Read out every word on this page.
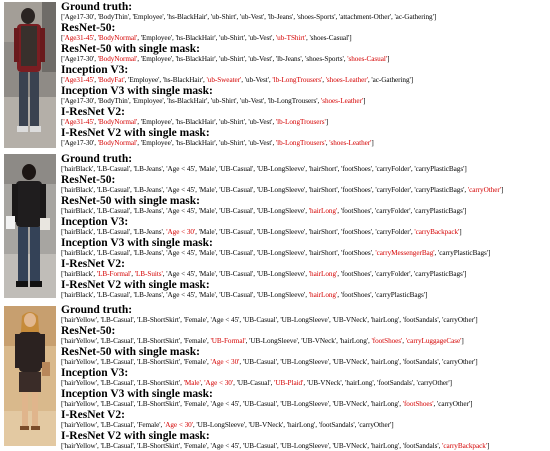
Ground truth:
['Age17-30', 'BodyThin', 'Employee', 'hs-BlackHair', 'ub-Shirt', 'ub-Vest', 'lb-Jeans', 'shoes-Sports', 'attachment-Other', 'ac-Gathering']
ResNet-50:
['Age31-45', 'BodyNormal', 'Employee', 'hs-BlackHair', 'ub-Shirt', 'ub-Vest', 'ub-TShirt', 'shoes-Casual']
ResNet-50 with single mask:
['Age17-30', 'BodyNormal', 'Employee', 'hs-BlackHair', 'ub-Shirt', 'ub-Vest', 'lb-Jeans', 'shoes-Sports', 'shoes-Casual']
Inception V3:
['Age31-45', 'BodyFat', 'Employee', 'hs-BlackHair', 'ub-Sweater', 'ub-Vest', 'lb-LongTrousers', 'shoes-Leather', 'ac-Gathering']
Inception V3 with single mask:
['Age17-30', 'BodyThin', 'Employee', 'hs-BlackHair', 'ub-Shirt', 'ub-Vest', 'lb-LongTrousers', 'shoes-Leather']
I-ResNet V2:
['Age31-45', 'BodyNormal', 'Employee', 'hs-BlackHair', 'ub-Shirt', 'ub-Vest', 'lb-LongTrousers']
I-ResNet V2 with single mask:
['Age17-30', 'BodyNormal', 'Employee', 'hs-BlackHair', 'ub-Shirt', 'ub-Vest', 'lb-LongTrousers', 'shoes-Leather']
Ground truth:
['hairBlack', 'LB-Casual', 'LB-Jeans', 'Age < 45', 'Male', 'UB-Casual', 'UB-LongSleeve', 'hairShort', 'footShoes', 'carryFolder', 'carryPlasticBags']
ResNet-50:
['hairBlack', 'LB-Casual', 'LB-Jeans', 'Age < 45', 'Male', 'UB-Casual', 'UB-LongSleeve', 'hairShort', 'footShoes', 'carryFolder', 'carryPlasticBags', 'carryOther']
ResNet-50 with single mask:
['hairBlack', 'LB-Casual', 'LB-Jeans', 'Age < 45', 'Male', 'UB-Casual', 'UB-LongSleeve', 'hairLong', 'footShoes', 'carryFolder', 'carryPlasticBags']
Inception V3:
['hairBlack', 'LB-Casual', 'LB-Jeans', 'Age < 30', 'Male', 'UB-Casual', 'UB-LongSleeve', 'hairShort', 'footShoes', 'carryFolder', 'carryBackpack']
Inception V3 with single mask:
['hairBlack', 'LB-Casual', 'LB-Jeans', 'Age < 45', 'Male', 'UB-Casual', 'UB-LongSleeve', 'hairShort', 'footShoes', 'carryMessengerBag', 'carryPlasticBags']
I-ResNet V2:
['hairBlack', 'LB-Formal', 'LB-Suits', 'Age < 45', 'Male', 'UB-Casual', 'UB-LongSleeve', 'hairLong', 'footShoes', 'carryFolder', 'carryPlasticBags']
I-ResNet V2 with single mask:
['hairBlack', 'LB-Casual', 'LB-Jeans', 'Age < 45', 'Male', 'UB-Casual', 'UB-LongSleeve', 'hairLong', 'footShoes', 'carryPlasticBags']
Ground truth:
['hairYellow', 'LB-Casual', 'LB-ShortSkirt', 'Female', 'Age < 45', 'UB-Casual', 'UB-LongSleeve', 'UB-VNeck', 'hairLong', 'footSandals', 'carryOther']
ResNet-50:
['hairYellow', 'LB-Casual', 'LB-ShortSkirt', 'Female', 'UB-Formal', 'UB-LongSleeve', 'UB-VNeck', 'hairLong', 'footShoes', 'carryLuggageCase']
ResNet-50 with single mask:
['hairYellow', 'LB-Casual', 'LB-ShortSkirt', 'Female', 'Age < 30', 'UB-Casual', 'UB-LongSleeve', 'UB-VNeck', 'hairLong', 'footSandals', 'carryOther']
Inception V3:
['hairYellow', 'LB-Casual', 'LB-ShortSkirt', 'Male', 'Age < 30', 'UB-Casual', 'UB-Plaid', 'UB-VNeck', 'hairLong', 'footSandals', 'carryOther']
Inception V3 with single mask:
['hairYellow', 'LB-Casual', 'LB-ShortSkirt', 'Female', 'Age < 45', 'UB-Casual', 'UB-LongSleeve', 'UB-VNeck', 'hairLong', 'footShoes', 'carryOther']
I-ResNet V2:
['hairYellow', 'LB-Casual', 'Female', 'Age < 30', 'UB-LongSleeve', 'UB-VNeck', 'hairLong', 'footSandals', 'carryOther']
I-ResNet V2 with single mask:
['hairYellow', 'LB-Casual', 'LB-ShortSkirt', 'Female', 'Age < 45', 'UB-Casual', 'UB-LongSleeve', 'UB-VNeck', 'hairLong', 'footSandals', 'carryBackpack']
